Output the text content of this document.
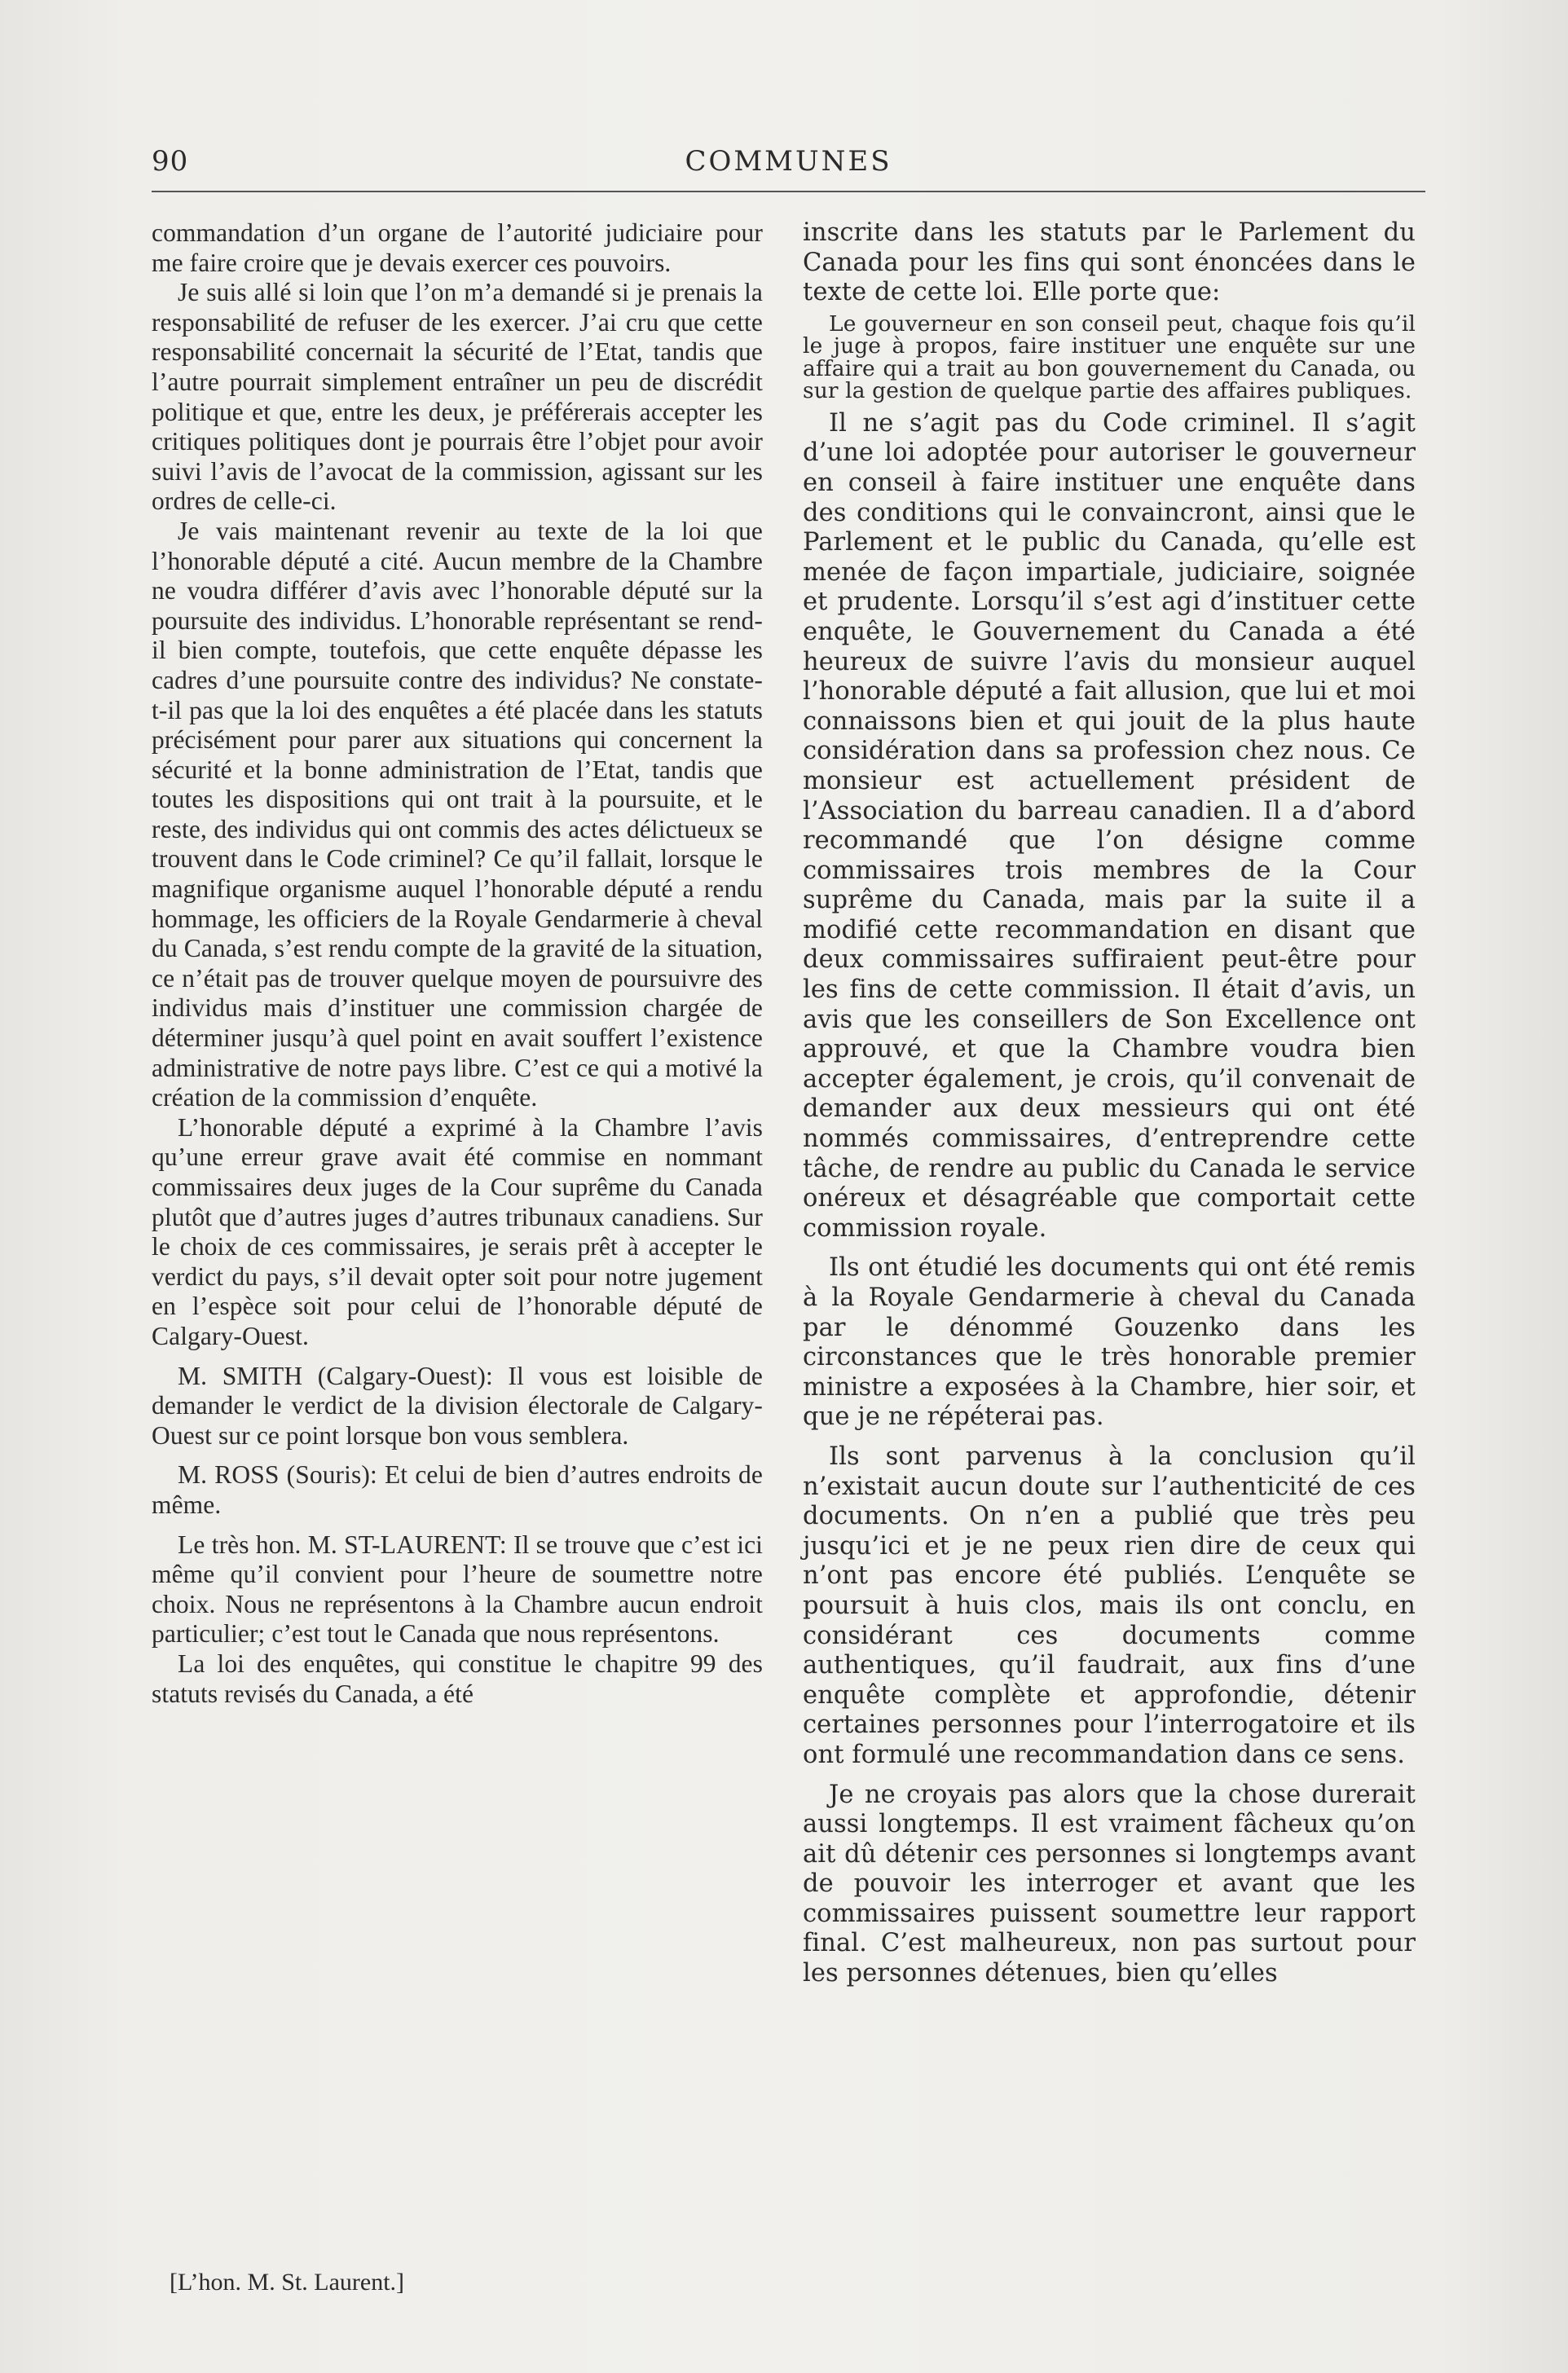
90	COMMUNES

commandation d’un organe de l’autorité judiciaire pour me faire croire que je devais exercer ces pouvoirs.

Je suis allé si loin que l’on m’a demandé si je prenais la responsabilité de refuser de les exercer. J’ai cru que cette responsabilité concernait la sécurité de l’Etat, tandis que l’autre pourrait simplement entraîner un peu de discrédit politique et que, entre les deux, je préférerais accepter les critiques politiques dont je pourrais être l’objet pour avoir suivi l’avis de l’avocat de la commission, agissant sur les ordres de celle-ci.

Je vais maintenant revenir au texte de la loi que l’honorable député a cité. Aucun membre de la Chambre ne voudra différer d’avis avec l’honorable député sur la poursuite des individus. L’honorable représentant se rend-il bien compte, toutefois, que cette enquête dépasse les cadres d’une poursuite contre des individus? Ne constate-t-il pas que la loi des enquêtes a été placée dans les statuts précisément pour parer aux situations qui concernent la sécurité et la bonne administration de l’Etat, tandis que toutes les dispositions qui ont trait à la poursuite, et le reste, des individus qui ont commis des actes délictueux se trouvent dans le Code criminel? Ce qu’il fallait, lorsque le magnifique organisme auquel l’honorable député a rendu hommage, les officiers de la Royale Gendarmerie à cheval du Canada, s’est rendu compte de la gravité de la situation, ce n’était pas de trouver quelque moyen de poursuivre des individus mais d’instituer une commission chargée de déterminer jusqu’à quel point en avait souffert l’existence administrative de notre pays libre. C’est ce qui a motivé la création de la commission d’enquête.

L’honorable député a exprimé à la Chambre l’avis qu’une erreur grave avait été commise en nommant commissaires deux juges de la Cour suprême du Canada plutôt que d’autres juges d’autres tribunaux canadiens. Sur le choix de ces commissaires, je serais prêt à accepter le verdict du pays, s’il devait opter soit pour notre jugement en l’espèce soit pour celui de l’honorable député de Calgary-Ouest.

M. SMITH (Calgary-Ouest): Il vous est loisible de demander le verdict de la division électorale de Calgary-Ouest sur ce point lorsque bon vous semblera.

M. ROSS (Souris): Et celui de bien d’autres endroits de même.

Le très hon. M. ST-LAURENT: Il se trouve que c’est ici même qu’il convient pour l’heure de soumettre notre choix. Nous ne représentons à la Chambre aucun endroit particulier; c’est tout le Canada que nous représentons.

La loi des enquêtes, qui constitue le chapitre 99 des statuts revisés du Canada, a été

[L’hon. M. St. Laurent.]

inscrite dans les statuts par le Parlement du Canada pour les fins qui sont énoncées dans le texte de cette loi. Elle porte que:

Le gouverneur en son conseil peut, chaque fois qu’il le juge à propos, faire instituer une enquête sur une affaire qui a trait au bon gouvernement du Canada, ou sur la gestion de quelque partie des affaires publiques.

Il ne s’agit pas du Code criminel. Il s’agit d’une loi adoptée pour autoriser le gouverneur en conseil à faire instituer une enquête dans des conditions qui le convaincront, ainsi que le Parlement et le public du Canada, qu’elle est menée de façon impartiale, judiciaire, soignée et prudente. Lorsqu’il s’est agi d’instituer cette enquête, le Gouvernement du Canada a été heureux de suivre l’avis du monsieur auquel l’honorable député a fait allusion, que lui et moi connaissons bien et qui jouit de la plus haute considération dans sa profession chez nous. Ce monsieur est actuellement président de l’Association du barreau canadien. Il a d’abord recommandé que l’on désigne comme commissaires trois membres de la Cour suprême du Canada, mais par la suite il a modifié cette recommandation en disant que deux commissaires suffiraient peut-être pour les fins de cette commission. Il était d’avis, un avis que les conseillers de Son Excellence ont approuvé, et que la Chambre voudra bien accepter également, je crois, qu’il convenait de demander aux deux messieurs qui ont été nommés commissaires, d’entreprendre cette tâche, de rendre au public du Canada le service onéreux et désagréable que comportait cette commission royale.

Ils ont étudié les documents qui ont été remis à la Royale Gendarmerie à cheval du Canada par le dénommé Gouzenko dans les circonstances que le très honorable premier ministre a exposées à la Chambre, hier soir, et que je ne répéterai pas.

Ils sont parvenus à la conclusion qu’il n’existait aucun doute sur l’authenticité de ces documents. On n’en a publié que très peu jusqu’ici et je ne peux rien dire de ceux qui n’ont pas encore été publiés. L’enquête se poursuit à huis clos, mais ils ont conclu, en considérant ces documents comme authentiques, qu’il faudrait, aux fins d’une enquête complète et approfondie, détenir certaines personnes pour l’interrogatoire et ils ont formulé une recommandation dans ce sens.

Je ne croyais pas alors que la chose durerait aussi longtemps. Il est vraiment fâcheux qu’on ait dû détenir ces personnes si longtemps avant de pouvoir les interroger et avant que les commissaires puissent soumettre leur rapport final. C’est malheureux, non pas surtout pour les personnes détenues, bien qu’elles
